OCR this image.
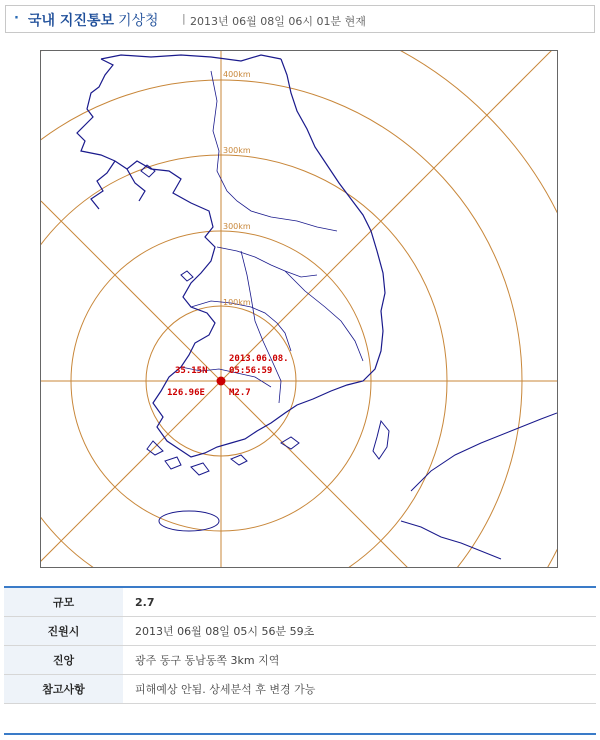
· 국내 지진통보 기상청 | 2013년 06월 08일 06시 01분 현재
400km
300km
300km
100km
35.15N
2013.06.08.
05:56:59
126.96E	M2.7
규모	2.7
진원시	2013년 06월 08일 05시 56분 59초
진앙	광주 동구 동남동쪽 3km 지역
참고사항	피해예상 안됨. 상세분석 후 변경 가능
